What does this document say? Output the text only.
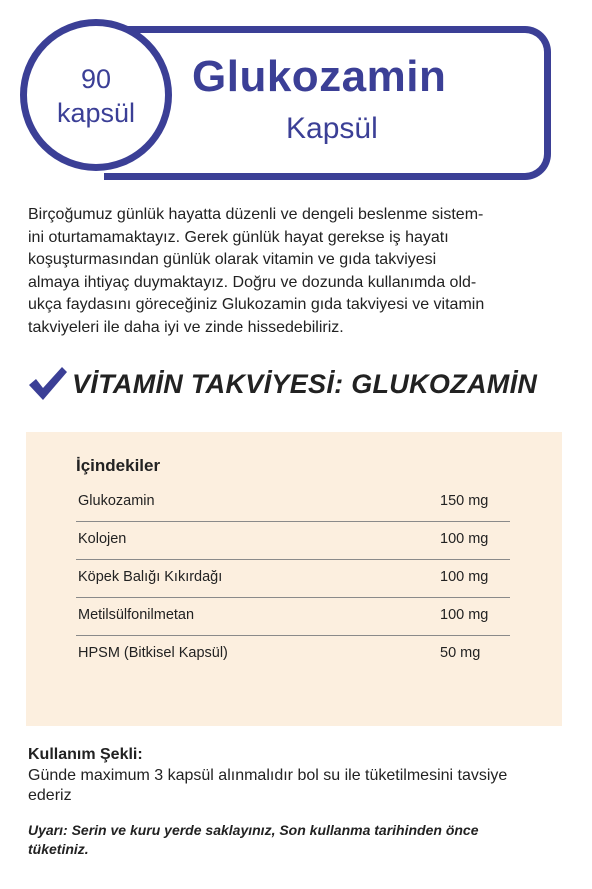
90
kapsül
Glukozamin
Kapsül
Birçoğumuz günlük hayatta düzenli ve dengeli beslenme sistem-
ini oturtamamaktayız. Gerek günlük hayat gerekse iş hayatı
koşuşturmasından günlük olarak vitamin ve gıda takviyesi
almaya ihtiyaç duymaktayız. Doğru ve dozunda kullanımda old-
ukça faydasını göreceğiniz Glukozamin gıda takviyesi ve vitamin
takviyeleri ile daha iyi ve zinde hissedebiliriz.
VİTAMİN TAKVİYESİ: GLUKOZAMİN
İçindekiler
Glukozamin	150 mg
Kolojen	100 mg
Köpek Balığı Kıkırdağı	100 mg
Metilsülfonilmetan	100 mg
HPSM (Bitkisel Kapsül)	50 mg
Kullanım Şekli:
Günde maximum 3 kapsül alınmalıdır bol su ile tüketilmesini tavsiye
ederiz
Uyarı: Serin ve kuru yerde saklayınız, Son kullanma tarihinden önce
tüketiniz.
